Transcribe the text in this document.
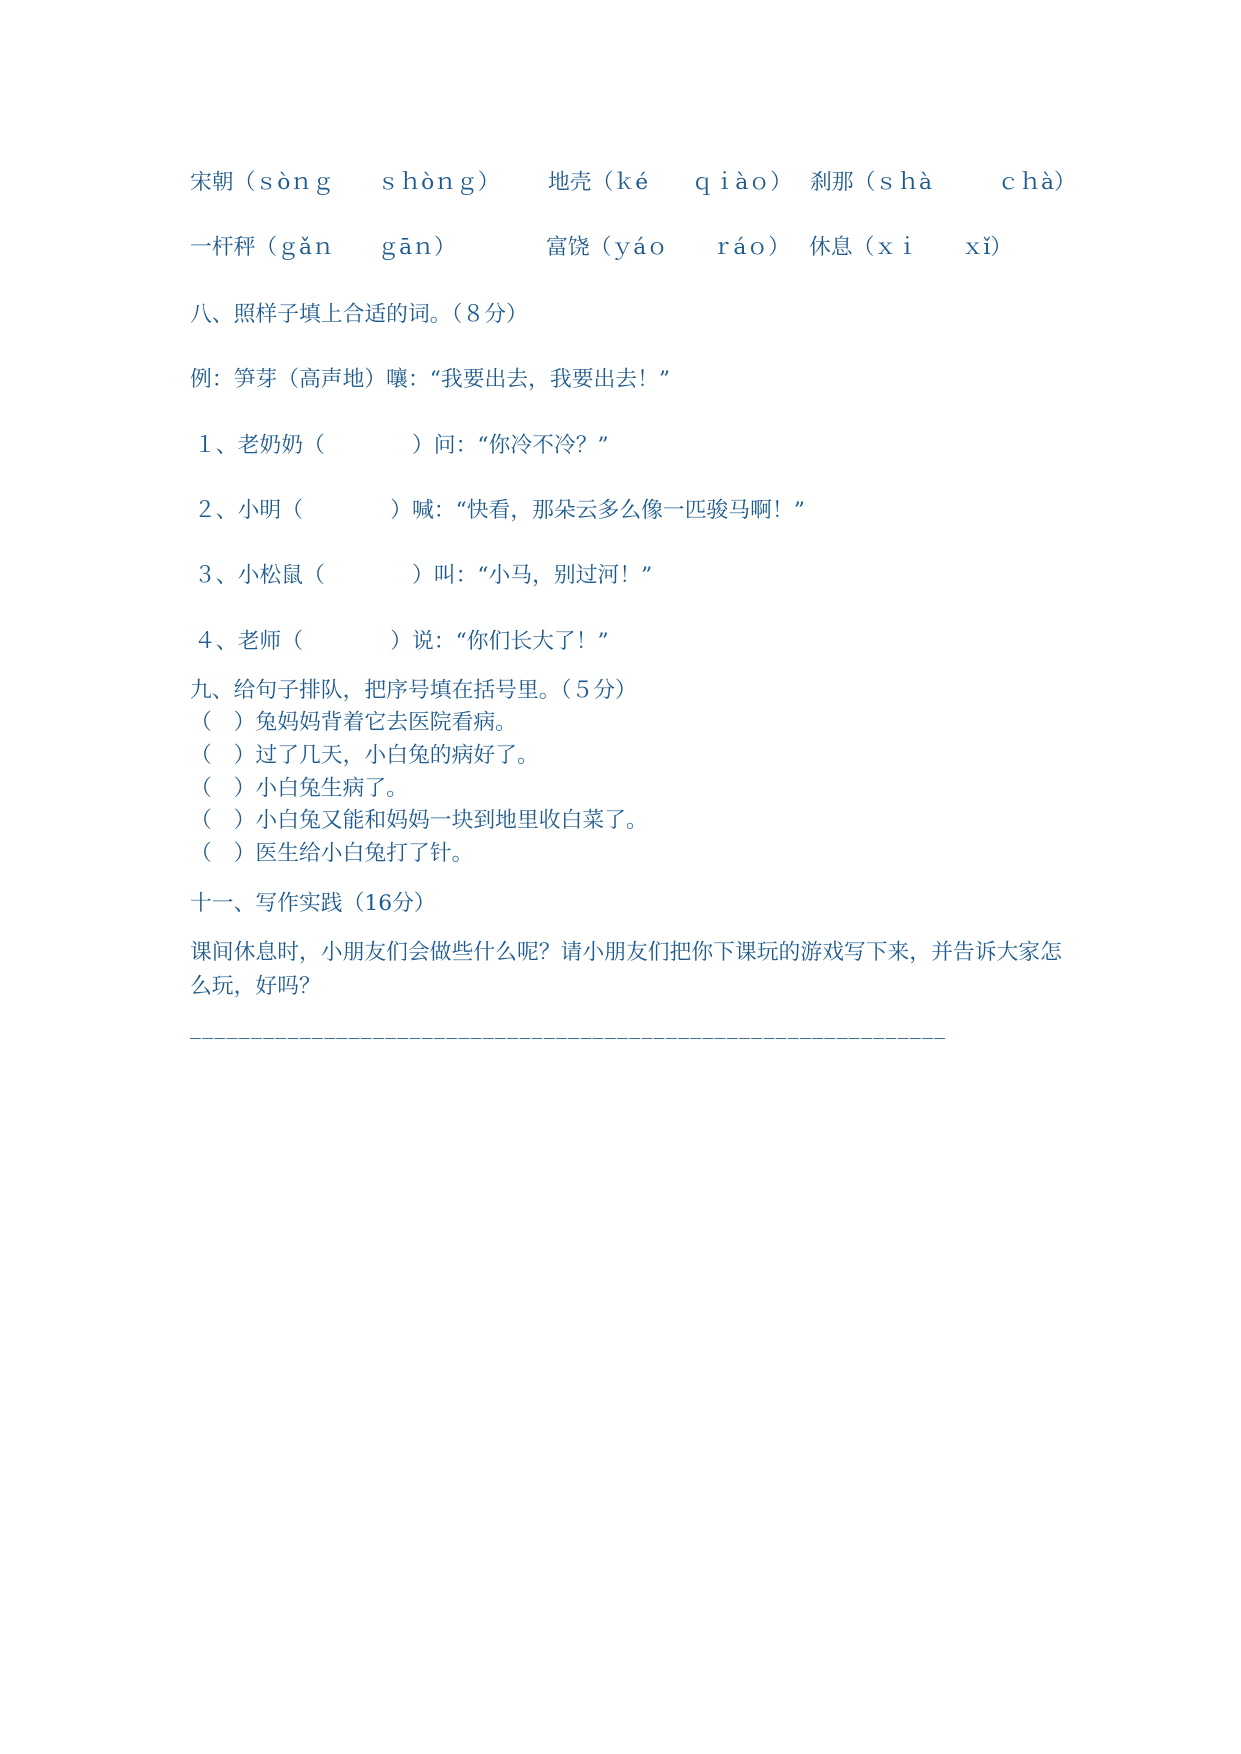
宋朝（ｓòｎｇ　　ｓｈòｎｇ） 地壳（ｋé　　ｑｉàｏ） 刹那（ｓｈà　　　ｃｈà）
一杆秤（ｇǎｎ　　ｇāｎ）	富饶（ｙáｏ　　ｒáｏ） 休息（ｘｉ　　ｘǐ）
八、照样子填上合适的词。（８分）
例：笋芽（高声地）嚷：“我要出去，我要出去！”
１、老奶奶（　　　　）问：“你冷不冷？”
２、小明（　　　　）喊：“快看，那朵云多么像一匹骏马啊！”
３、小松鼠（　　　　）叫：“小马，别过河！”
４、老师（　　　　）说：“你们长大了！”
九、给句子排队，把序号填在括号里。（５分）
（　）兔妈妈背着它去医院看病。
（　）过了几天，小白兔的病好了。
（　）小白兔生病了。
（　）小白兔又能和妈妈一块到地里收白菜了。
（　）医生给小白兔打了针。
十一、写作实践（16分）
课间休息时，小朋友们会做些什么呢？请小朋友们把你下课玩的游戏写下来，并告诉大家怎
么玩，好吗？
______________________________________________________________
